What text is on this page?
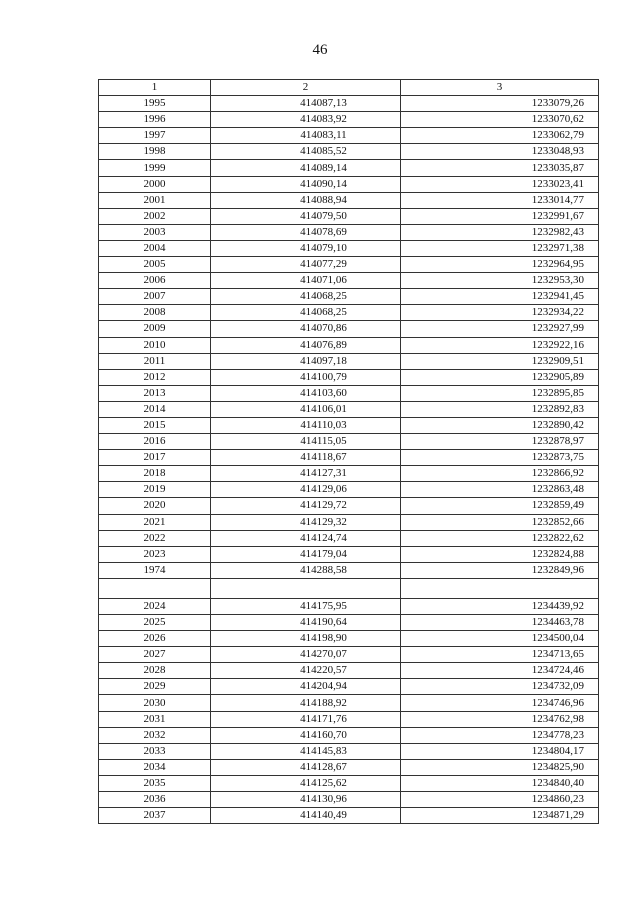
46
1	2	3
1995	414087,13	1233079,26
1996	414083,92	1233070,62
1997	414083,11	1233062,79
1998	414085,52	1233048,93
1999	414089,14	1233035,87
2000	414090,14	1233023,41
2001	414088,94	1233014,77
2002	414079,50	1232991,67
2003	414078,69	1232982,43
2004	414079,10	1232971,38
2005	414077,29	1232964,95
2006	414071,06	1232953,30
2007	414068,25	1232941,45
2008	414068,25	1232934,22
2009	414070,86	1232927,99
2010	414076,89	1232922,16
2011	414097,18	1232909,51
2012	414100,79	1232905,89
2013	414103,60	1232895,85
2014	414106,01	1232892,83
2015	414110,03	1232890,42
2016	414115,05	1232878,97
2017	414118,67	1232873,75
2018	414127,31	1232866,92
2019	414129,06	1232863,48
2020	414129,72	1232859,49
2021	414129,32	1232852,66
2022	414124,74	1232822,62
2023	414179,04	1232824,88
1974	414288,58	1232849,96

2024	414175,95	1234439,92
2025	414190,64	1234463,78
2026	414198,90	1234500,04
2027	414270,07	1234713,65
2028	414220,57	1234724,46
2029	414204,94	1234732,09
2030	414188,92	1234746,96
2031	414171,76	1234762,98
2032	414160,70	1234778,23
2033	414145,83	1234804,17
2034	414128,67	1234825,90
2035	414125,62	1234840,40
2036	414130,96	1234860,23
2037	414140,49	1234871,29
